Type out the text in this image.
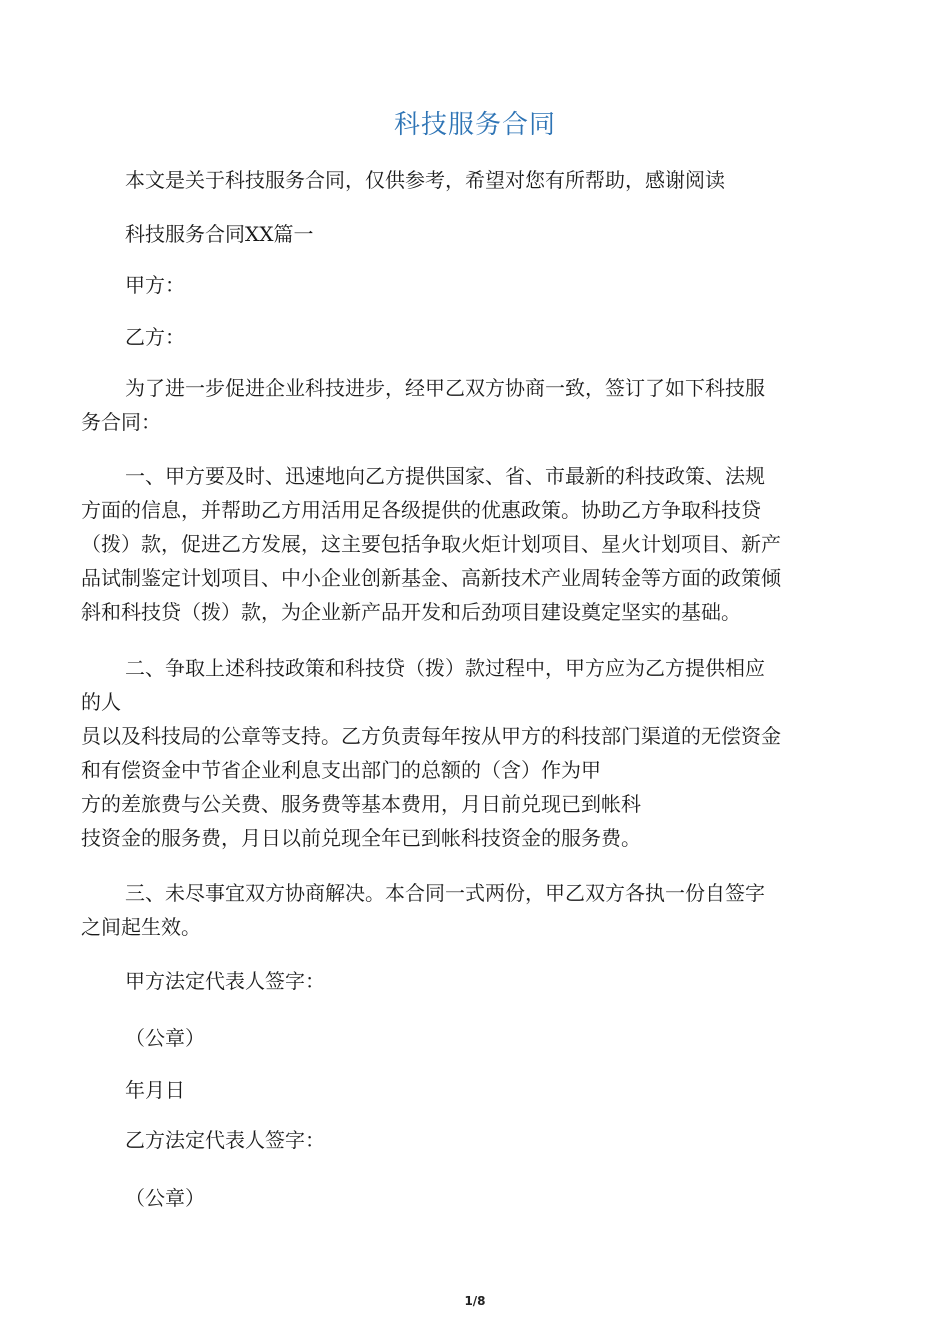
科技服务合同
本文是关于科技服务合同，仅供参考，希望对您有所帮助，感谢阅读
科技服务合同XX篇一
甲方：
乙方：
为了进一步促进企业科技进步，经甲乙双方协商一致，签订了如下科技服
务合同：
一、甲方要及时、迅速地向乙方提供国家、省、市最新的科技政策、法规
方面的信息，并帮助乙方用活用足各级提供的优惠政策。协助乙方争取科技贷
（拨）款，促进乙方发展，这主要包括争取火炬计划项目、星火计划项目、新产
品试制鉴定计划项目、中小企业创新基金、高新技术产业周转金等方面的政策倾
斜和科技贷（拨）款，为企业新产品开发和后劲项目建设奠定坚实的基础。
二、争取上述科技政策和科技贷（拨）款过程中，甲方应为乙方提供相应
的人
员以及科技局的公章等支持。乙方负责每年按从甲方的科技部门渠道的无偿资金
和有偿资金中节省企业利息支出部门的总额的（含）作为甲
方的差旅费与公关费、服务费等基本费用，月日前兑现已到帐科
技资金的服务费，月日以前兑现全年已到帐科技资金的服务费。
三、未尽事宜双方协商解决。本合同一式两份，甲乙双方各执一份自签字
之间起生效。
甲方法定代表人签字：
（公章）
年月日
乙方法定代表人签字：
（公章）
1/8
